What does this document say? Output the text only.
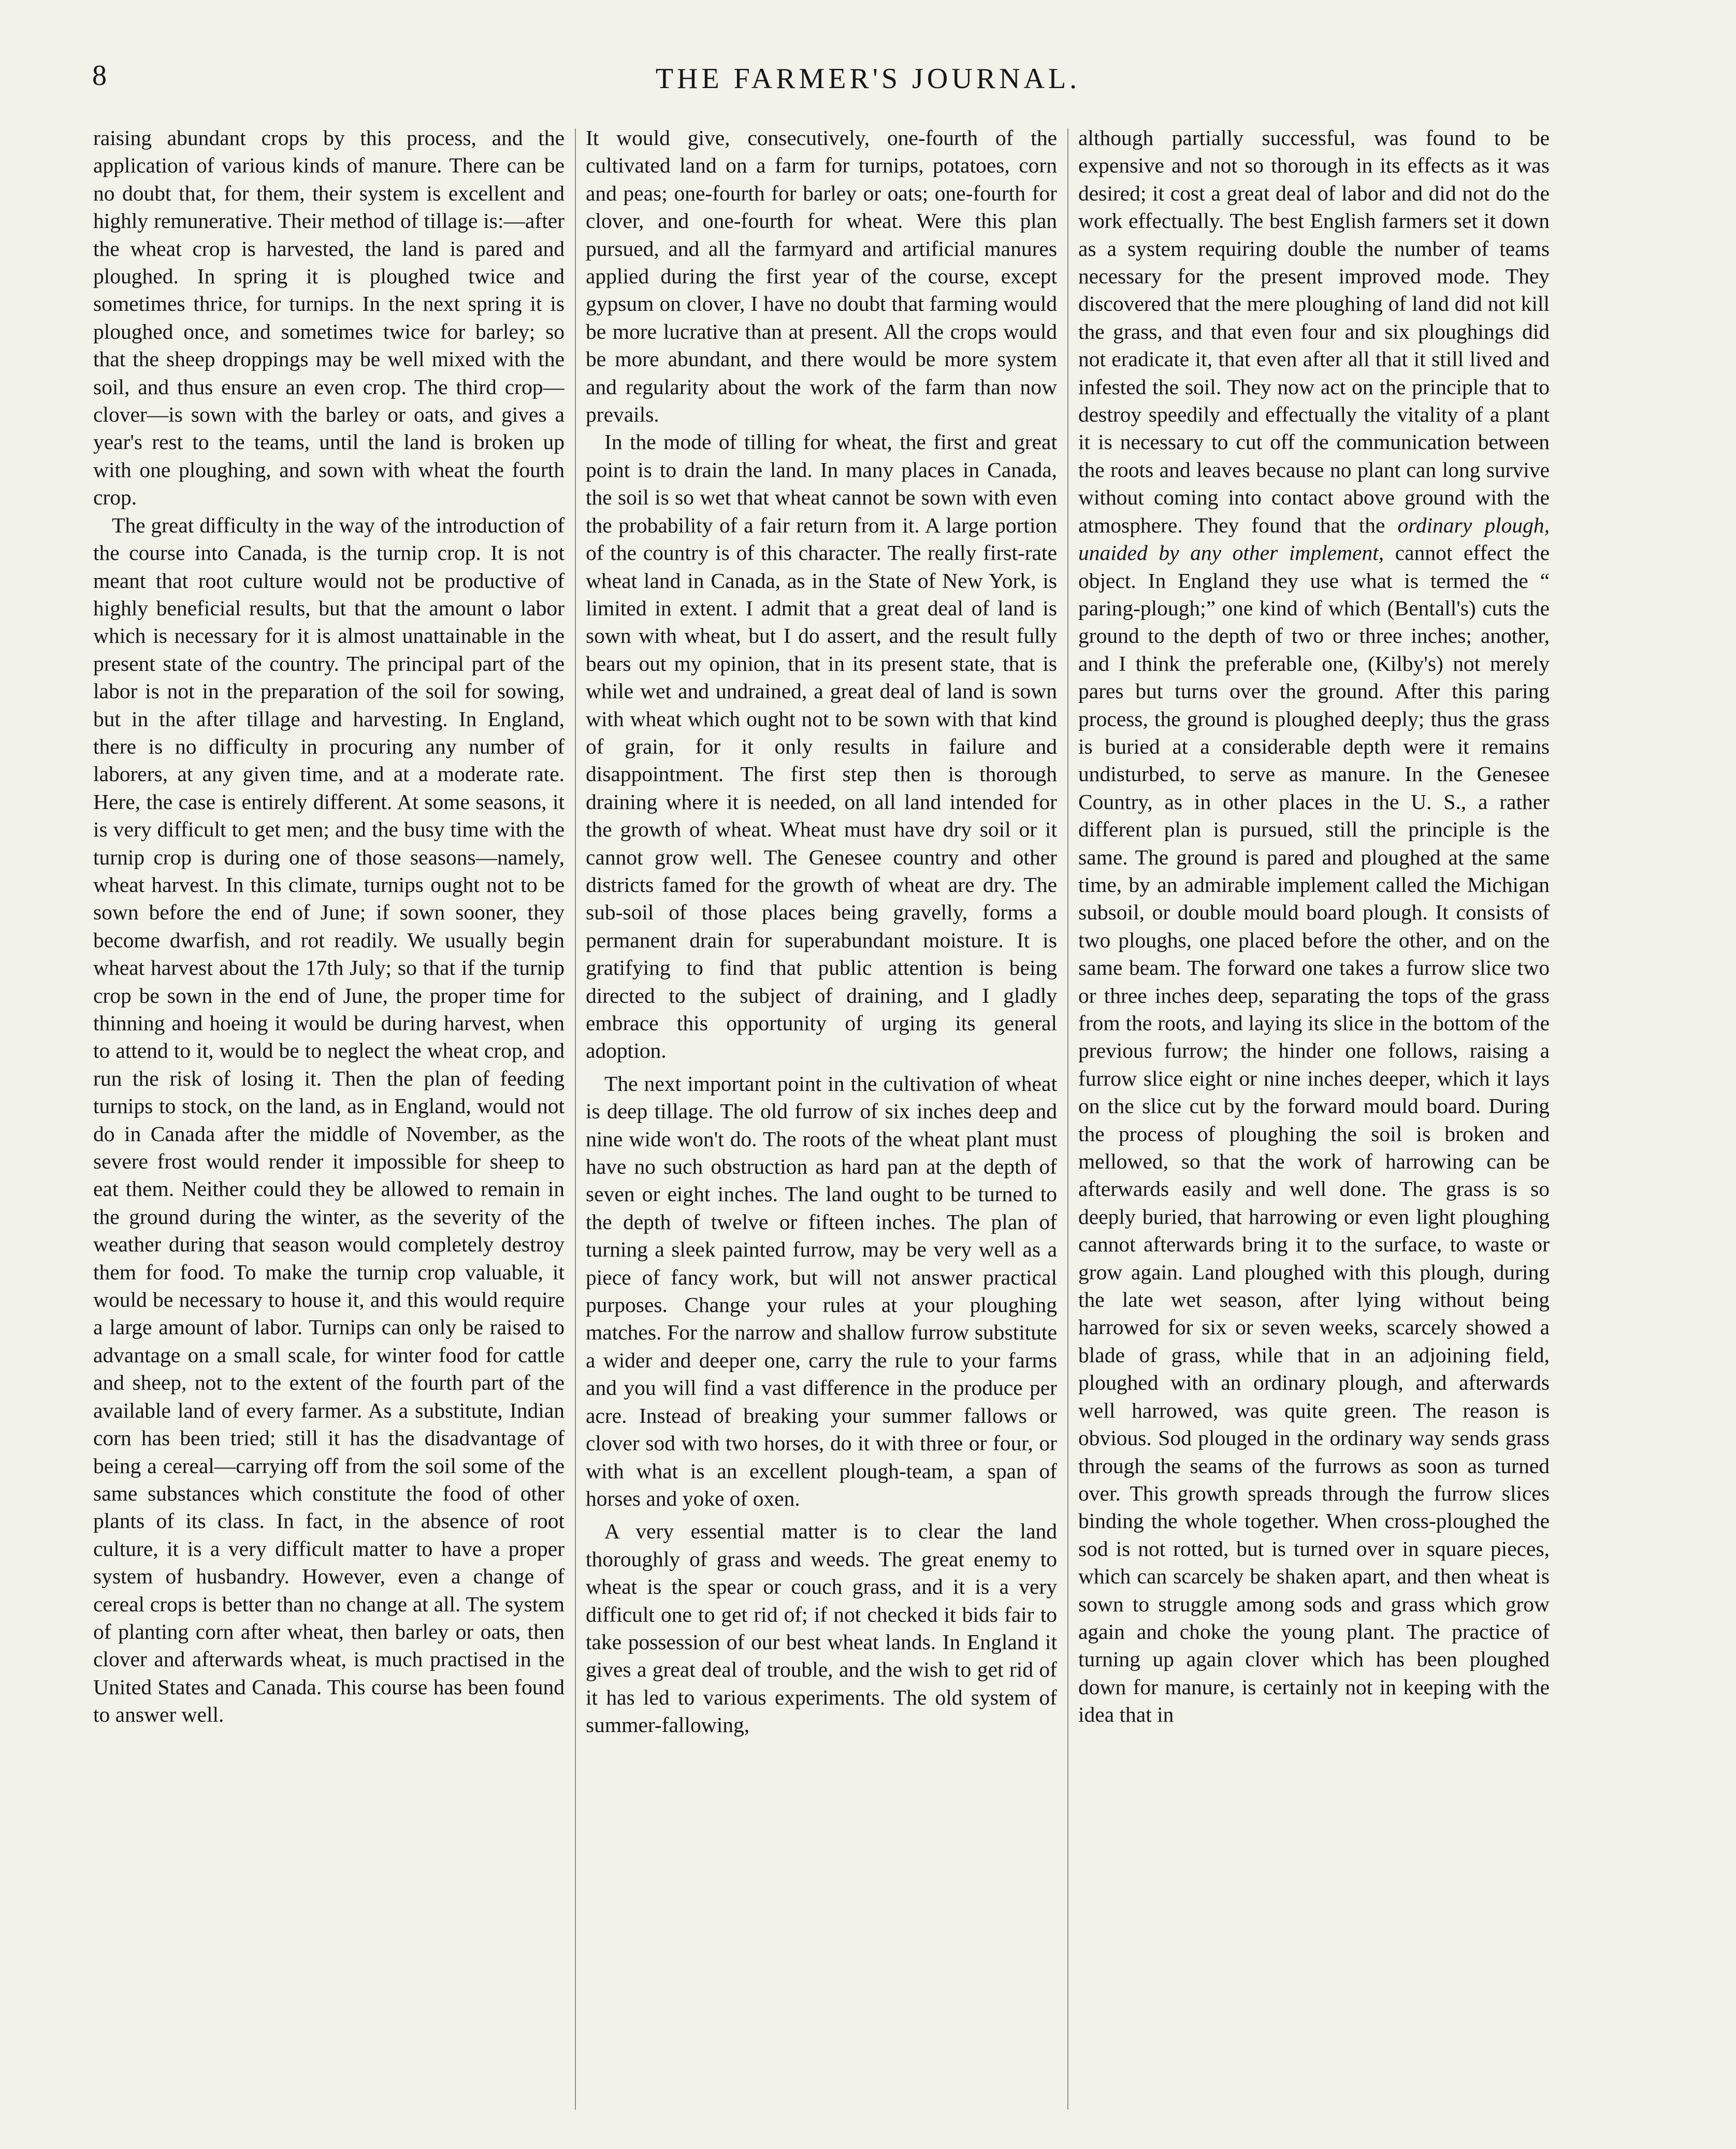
8	THE FARMER'S JOURNAL.

raising abundant crops by this process, and the application of various kinds of manure. There can be no doubt that, for them, their system is excellent and highly remunerative. Their method of tillage is:—after the wheat crop is harvested, the land is pared and ploughed. In spring it is ploughed twice and sometimes thrice, for turnips. In the next spring it is ploughed once, and sometimes twice for barley; so that the sheep droppings may be well mixed with the soil, and thus ensure an even crop. The third crop—clover—is sown with the barley or oats, and gives a year's rest to the teams, until the land is broken up with one ploughing, and sown with wheat the fourth crop.

The great difficulty in the way of the introduction of the course into Canada, is the turnip crop. It is not meant that root culture would not be productive of highly beneficial results, but that the amount o labor which is necessary for it is almost unattainable in the present state of the country. The principal part of the labor is not in the preparation of the soil for sowing, but in the after tillage and harvesting. In England, there is no difficulty in procuring any number of laborers, at any given time, and at a moderate rate. Here, the case is entirely different. At some seasons, it is very difficult to get men; and the busy time with the turnip crop is during one of those seasons—namely, wheat harvest. In this climate, turnips ought not to be sown before the end of June; if sown sooner, they become dwarfish, and rot readily. We usually begin wheat harvest about the 17th July; so that if the turnip crop be sown in the end of June, the proper time for thinning and hoeing it would be during harvest, when to attend to it, would be to neglect the wheat crop, and run the risk of losing it. Then the plan of feeding turnips to stock, on the land, as in England, would not do in Canada after the middle of November, as the severe frost would render it impossible for sheep to eat them. Neither could they be allowed to remain in the ground during the winter, as the severity of the weather during that season would completely destroy them for food. To make the turnip crop valuable, it would be necessary to house it, and this would require a large amount of labor. Turnips can only be raised to advantage on a small scale, for winter food for cattle and sheep, not to the extent of the fourth part of the available land of every farmer. As a substitute, Indian corn has been tried; still it has the disadvantage of being a cereal—carrying off from the soil some of the same substances which constitute the food of other plants of its class. In fact, in the absence of root culture, it is a very difficult matter to have a proper system of husbandry. However, even a change of cereal crops is better than no change at all. The system of planting corn after wheat, then barley or oats, then clover and afterwards wheat, is much practised in the United States and Canada. This course has been found to answer well.

It would give, consecutively, one-fourth of the cultivated land on a farm for turnips, potatoes, corn and peas; one-fourth for barley or oats; one-fourth for clover, and one-fourth for wheat. Were this plan pursued, and all the farmyard and artificial manures applied during the first year of the course, except gypsum on clover, I have no doubt that farming would be more lucrative than at present. All the crops would be more abundant, and there would be more system and regularity about the work of the farm than now prevails.

In the mode of tilling for wheat, the first and great point is to drain the land. In many places in Canada, the soil is so wet that wheat cannot be sown with even the probability of a fair return from it. A large portion of the country is of this character. The really first-rate wheat land in Canada, as in the State of New York, is limited in extent. I admit that a great deal of land is sown with wheat, but I do assert, and the result fully bears out my opinion, that in its present state, that is while wet and undrained, a great deal of land is sown with wheat which ought not to be sown with that kind of grain, for it only results in failure and disappointment. The first step then is thorough draining where it is needed, on all land intended for the growth of wheat. Wheat must have dry soil or it cannot grow well. The Genesee country and other districts famed for the growth of wheat are dry. The sub-soil of those places being gravelly, forms a permanent drain for superabundant moisture. It is gratifying to find that public attention is being directed to the subject of draining, and I gladly embrace this opportunity of urging its general adoption.

The next important point in the cultivation of wheat is deep tillage. The old furrow of six inches deep and nine wide won't do. The roots of the wheat plant must have no such obstruction as hard pan at the depth of seven or eight inches. The land ought to be turned to the depth of twelve or fifteen inches. The plan of turning a sleek painted furrow, may be very well as a piece of fancy work, but will not answer practical purposes. Change your rules at your ploughing matches. For the narrow and shallow furrow substitute a wider and deeper one, carry the rule to your farms and you will find a vast difference in the produce per acre. Instead of breaking your summer fallows or clover sod with two horses, do it with three or four, or with what is an excellent plough-team, a span of horses and yoke of oxen.

A very essential matter is to clear the land thoroughly of grass and weeds. The great enemy to wheat is the spear or couch grass, and it is a very difficult one to get rid of; if not checked it bids fair to take possession of our best wheat lands. In England it gives a great deal of trouble, and the wish to get rid of it has led to various experiments. The old system of summer-fallowing,

although partially successful, was found to be expensive and not so thorough in its effects as it was desired; it cost a great deal of labor and did not do the work effectually. The best English farmers set it down as a system requiring double the number of teams necessary for the present improved mode. They discovered that the mere ploughing of land did not kill the grass, and that even four and six ploughings did not eradicate it, that even after all that it still lived and infested the soil. They now act on the principle that to destroy speedily and effectually the vitality of a plant it is necessary to cut off the communication between the roots and leaves because no plant can long survive without coming into contact above ground with the atmosphere. They found that the ordinary plough, unaided by any other implement, cannot effect the object. In England they use what is termed the “ paring-plough;” one kind of which (Bentall's) cuts the ground to the depth of two or three inches; another, and I think the preferable one, (Kilby's) not merely pares but turns over the ground. After this paring process, the ground is ploughed deeply; thus the grass is buried at a considerable depth were it remains undisturbed, to serve as manure. In the Genesee Country, as in other places in the U. S., a rather different plan is pursued, still the principle is the same. The ground is pared and ploughed at the same time, by an admirable implement called the Michigan subsoil, or double mould board plough. It consists of two ploughs, one placed before the other, and on the same beam. The forward one takes a furrow slice two or three inches deep, separating the tops of the grass from the roots, and laying its slice in the bottom of the previous furrow; the hinder one follows, raising a furrow slice eight or nine inches deeper, which it lays on the slice cut by the forward mould board. During the process of ploughing the soil is broken and mellowed, so that the work of harrowing can be afterwards easily and well done. The grass is so deeply buried, that harrowing or even light ploughing cannot afterwards bring it to the surface, to waste or grow again. Land ploughed with this plough, during the late wet season, after lying without being harrowed for six or seven weeks, scarcely showed a blade of grass, while that in an adjoining field, ploughed with an ordinary plough, and afterwards well harrowed, was quite green. The reason is obvious. Sod plouged in the ordinary way sends grass through the seams of the furrows as soon as turned over. This growth spreads through the furrow slices binding the whole together. When cross-ploughed the sod is not rotted, but is turned over in square pieces, which can scarcely be shaken apart, and then wheat is sown to struggle among sods and grass which grow again and choke the young plant. The practice of turning up again clover which has been ploughed down for manure, is certainly not in keeping with the idea that in
